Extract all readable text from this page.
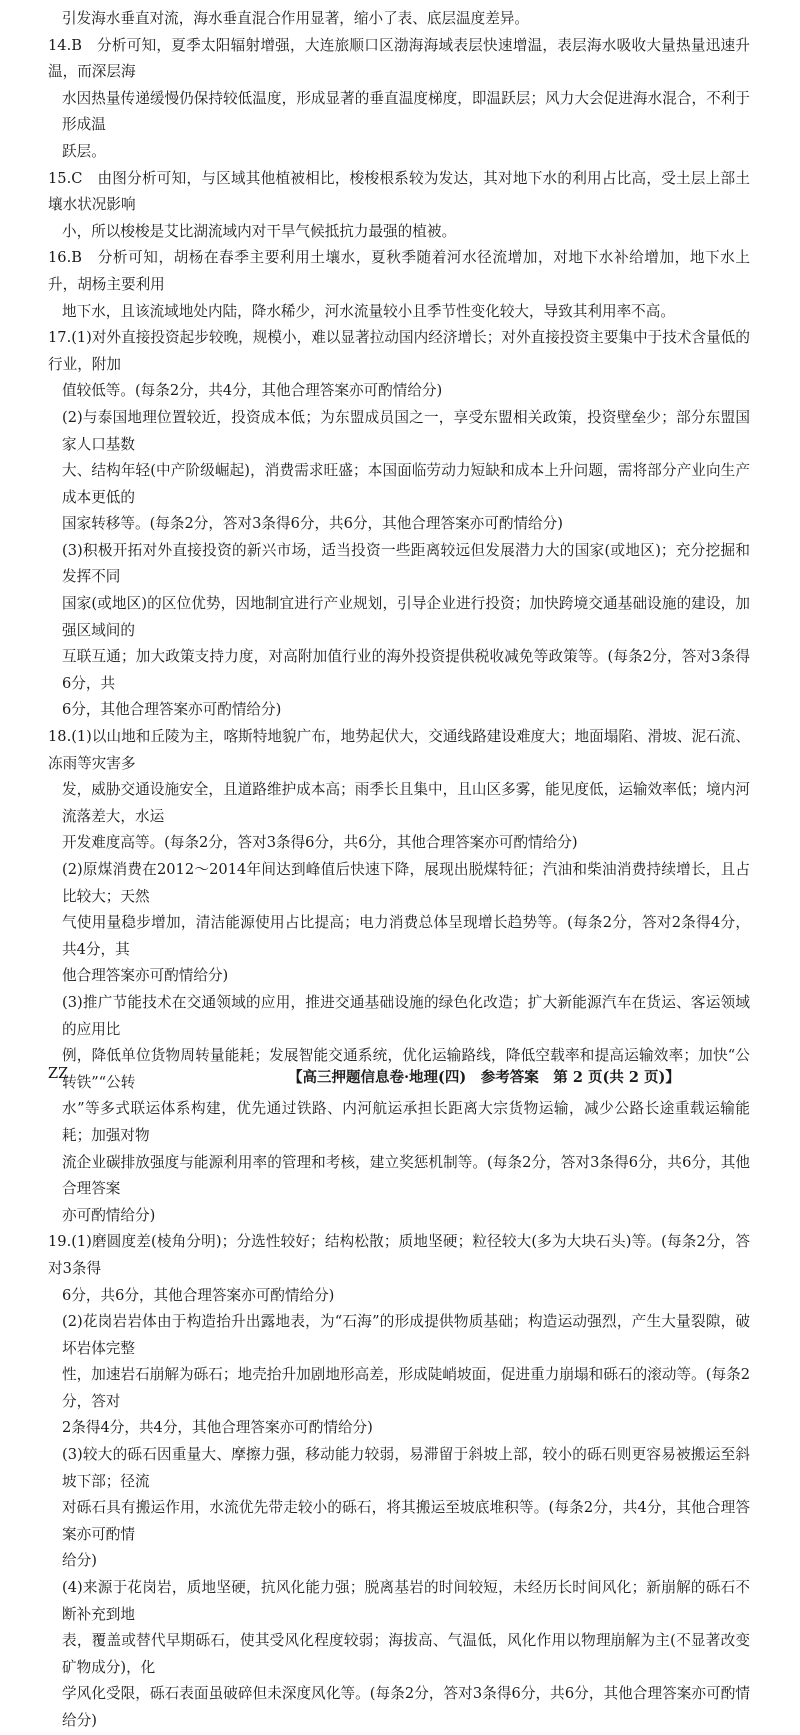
引发海水垂直对流，海水垂直混合作用显著，缩小了表、底层温度差异。

14.B　分析可知，夏季太阳辐射增强，大连旅顺口区渤海海域表层快速增温，表层海水吸收大量热量迅速升温，而深层海

水因热量传递缓慢仍保持较低温度，形成显著的垂直温度梯度，即温跃层；风力大会促进海水混合，不利于形成温

跃层。

15.C　由图分析可知，与区域其他植被相比，梭梭根系较为发达，其对地下水的利用占比高，受土层上部土壤水状况影响

小，所以梭梭是艾比湖流域内对干旱气候抵抗力最强的植被。

16.B　分析可知，胡杨在春季主要利用土壤水，夏秋季随着河水径流增加，对地下水补给增加，地下水上升，胡杨主要利用

地下水，且该流域地处内陆，降水稀少，河水流量较小且季节性变化较大，导致其利用率不高。

17.(1)对外直接投资起步较晚，规模小，难以显著拉动国内经济增长；对外直接投资主要集中于技术含量低的行业，附加

值较低等。(每条2分，共4分，其他合理答案亦可酌情给分)

(2)与泰国地理位置较近，投资成本低；为东盟成员国之一，享受东盟相关政策，投资壁垒少；部分东盟国家人口基数

大、结构年轻(中产阶级崛起)，消费需求旺盛；本国面临劳动力短缺和成本上升问题，需将部分产业向生产成本更低的

国家转移等。(每条2分，答对3条得6分，共6分，其他合理答案亦可酌情给分)

(3)积极开拓对外直接投资的新兴市场，适当投资一些距离较远但发展潜力大的国家(或地区)；充分挖掘和发挥不同

国家(或地区)的区位优势，因地制宜进行产业规划，引导企业进行投资；加快跨境交通基础设施的建设，加强区域间的

互联互通；加大政策支持力度，对高附加值行业的海外投资提供税收减免等政策等。(每条2分，答对3条得6分，共

6分，其他合理答案亦可酌情给分)

18.(1)以山地和丘陵为主，喀斯特地貌广布，地势起伏大，交通线路建设难度大；地面塌陷、滑坡、泥石流、冻雨等灾害多

发，威胁交通设施安全，且道路维护成本高；雨季长且集中，且山区多雾，能见度低，运输效率低；境内河流落差大，水运

开发难度高等。(每条2分，答对3条得6分，共6分，其他合理答案亦可酌情给分)

(2)原煤消费在2012～2014年间达到峰值后快速下降，展现出脱煤特征；汽油和柴油消费持续增长，且占比较大；天然

气使用量稳步增加，清洁能源使用占比提高；电力消费总体呈现增长趋势等。(每条2分，答对2条得4分，共4分，其

他合理答案亦可酌情给分)

(3)推广节能技术在交通领域的应用，推进交通基础设施的绿色化改造；扩大新能源汽车在货运、客运领域的应用比

例，降低单位货物周转量能耗；发展智能交通系统，优化运输路线，降低空载率和提高运输效率；加快“公转铁”“公转

水”等多式联运体系构建，优先通过铁路、内河航运承担长距离大宗货物运输，减少公路长途重载运输能耗；加强对物

流企业碳排放强度与能源利用率的管理和考核，建立奖惩机制等。(每条2分，答对3条得6分，共6分，其他合理答案

亦可酌情给分)

19.(1)磨圆度差(棱角分明)；分选性较好；结构松散；质地坚硬；粒径较大(多为大块石头)等。(每条2分，答对3条得

6分，共6分，其他合理答案亦可酌情给分)

(2)花岗岩岩体由于构造抬升出露地表，为“石海”的形成提供物质基础；构造运动强烈，产生大量裂隙，破坏岩体完整

性，加速岩石崩解为砾石；地壳抬升加剧地形高差，形成陡峭坡面，促进重力崩塌和砾石的滚动等。(每条2分，答对

2条得4分，共4分，其他合理答案亦可酌情给分)

(3)较大的砾石因重量大、摩擦力强，移动能力较弱，易滞留于斜坡上部，较小的砾石则更容易被搬运至斜坡下部；径流

对砾石具有搬运作用，水流优先带走较小的砾石，将其搬运至坡底堆积等。(每条2分，共4分，其他合理答案亦可酌情

给分)

(4)来源于花岗岩，质地坚硬，抗风化能力强；脱离基岩的时间较短，未经历长时间风化；新崩解的砾石不断补充到地

表，覆盖或替代早期砾石，使其受风化程度较弱；海拔高、气温低，风化作用以物理崩解为主(不显著改变矿物成分)，化

学风化受限，砾石表面虽破碎但未深度风化等。(每条2分，答对3条得6分，共6分，其他合理答案亦可酌情给分)

ZZ	【高三押题信息卷·地理(四)　参考答案　第 2 页(共 2 页)】
